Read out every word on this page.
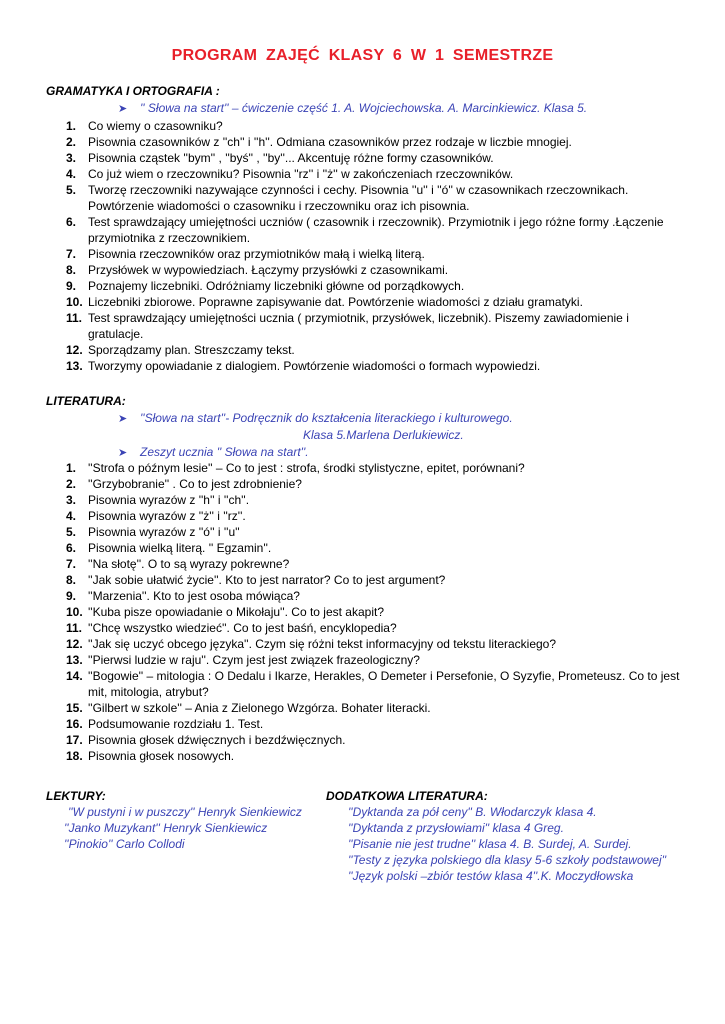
PROGRAM ZAJĘĆ KLASY 6 W 1 SEMESTRZE
GRAMATYKA I ORTOGRAFIA :
➤ '' Słowa na start'' – ćwiczenie część 1. A. Wojciechowska. A. Marcinkiewicz. Klasa 5.
1. Co wiemy o czasowniku?
2. Pisownia czasowników z ''ch'' i ''h''. Odmiana czasowników przez rodzaje w liczbie mnogiej.
3. Pisownia cząstek ''bym'' , ''byś'' , ''by''... Akcentuję różne formy czasowników.
4. Co już wiem o rzeczowniku? Pisownia ''rz'' i ''ż'' w zakończeniach rzeczowników.
5. Tworzę rzeczowniki nazywające czynności i cechy. Pisownia ''u'' i ''ó'' w czasownikach rzeczownikach. Powtórzenie wiadomości o czasowniku i rzeczowniku oraz ich pisownia.
6. Test sprawdzający umiejętności uczniów ( czasownik i rzeczownik). Przymiotnik i jego różne formy .Łączenie przymiotnika z rzeczownikiem.
7. Pisownia rzeczowników oraz przymiotników małą i wielką literą.
8. Przysłówek w wypowiedziach. Łączymy przysłówki z czasownikami.
9. Poznajemy liczebniki. Odróżniamy liczebniki główne od porządkowych.
10. Liczebniki zbiorowe. Poprawne zapisywanie dat. Powtórzenie wiadomości z działu gramatyki.
11. Test sprawdzający umiejętności ucznia ( przymiotnik, przysłówek, liczebnik). Piszemy zawiadomienie i gratulacje.
12. Sporządzamy plan. Streszczamy tekst.
13. Tworzymy opowiadanie z dialogiem. Powtórzenie wiadomości o formach wypowiedzi.
LITERATURA:
➤ ''Słowa na start''- Podręcznik do kształcenia literackiego i kulturowego.
Klasa 5.Marlena Derlukiewicz.
➤ Zeszyt ucznia '' Słowa na start''.
1. ''Strofa o późnym lesie'' – Co to jest : strofa, środki stylistyczne, epitet, porównani?
2. ''Grzybobranie'' . Co to jest zdrobnienie?
3. Pisownia wyrazów z ''h'' i ''ch''.
4. Pisownia wyrazów z ''ż'' i ''rz''.
5. Pisownia wyrazów z ''ó'' i ''u''
6. Pisownia wielką literą. '' Egzamin''.
7. ''Na słotę''. O to są wyrazy pokrewne?
8. ''Jak sobie ułatwić życie''. Kto to jest narrator? Co to jest argument?
9. ''Marzenia''. Kto to jest osoba mówiąca?
10. ''Kuba pisze opowiadanie o Mikołaju''. Co to jest akapit?
11. ''Chcę wszystko wiedzieć''. Co to jest baśń, encyklopedia?
12. ''Jak się uczyć obcego języka''. Czym się różni tekst informacyjny od tekstu literackiego?
13. ''Pierwsi ludzie w raju''. Czym jest jest związek frazeologiczny?
14. ''Bogowie'' – mitologia : O Dedalu i Ikarze, Herakles, O Demeter i Persefonie, O Syzyfie, Prometeusz. Co to jest mit, mitologia, atrybut?
15. ''Gilbert w szkole'' – Ania z Zielonego Wzgórza. Bohater literacki.
16. Podsumowanie rozdziału 1. Test.
17. Pisownia głosek dźwięcznych i bezdźwięcznych.
18. Pisownia głosek nosowych.
LEKTURY:
''W pustyni i w puszczy'' Henryk Sienkiewicz
''Janko Muzykant'' Henryk Sienkiewicz
''Pinokio'' Carlo Collodi
DODATKOWA LITERATURA:
''Dyktanda za pół ceny'' B. Włodarczyk klasa 4.
''Dyktanda z przysłowiami'' klasa 4 Greg.
''Pisanie nie jest trudne'' klasa 4. B. Surdej, A. Surdej.
''Testy z języka polskiego dla klasy 5-6 szkoły podstawowej''
''Język polski –zbiór testów klasa 4''.K. Moczydłowska
